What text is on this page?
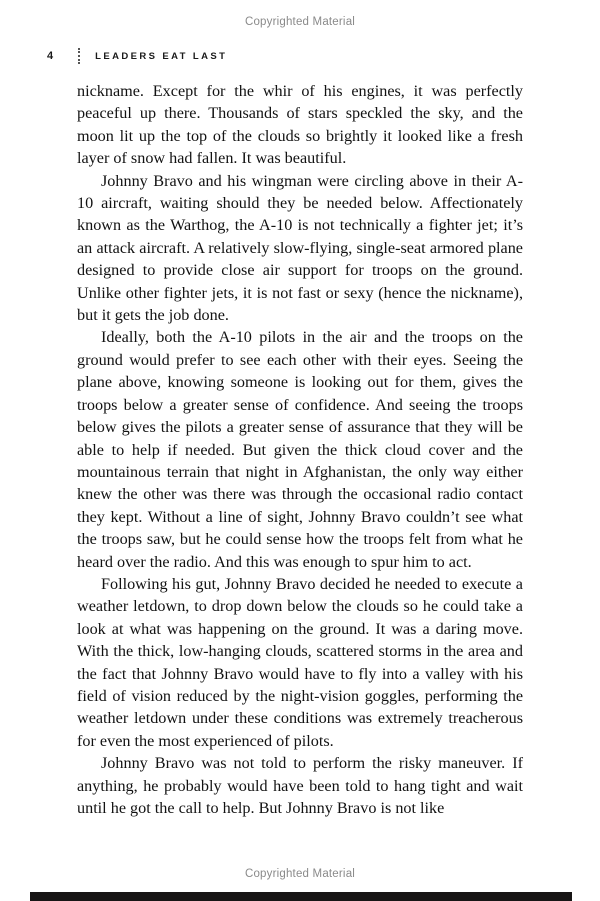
Copyrighted Material
4	LEADERS EAT LAST

nickname. Except for the whir of his engines, it was perfectly peaceful up there. Thousands of stars speckled the sky, and the moon lit up the top of the clouds so brightly it looked like a fresh layer of snow had fallen. It was beautiful.

Johnny Bravo and his wingman were circling above in their A-10 aircraft, waiting should they be needed below. Affectionately known as the Warthog, the A-10 is not technically a fighter jet; it’s an attack aircraft. A relatively slow-flying, single-seat armored plane designed to provide close air support for troops on the ground. Unlike other fighter jets, it is not fast or sexy (hence the nickname), but it gets the job done.

Ideally, both the A-10 pilots in the air and the troops on the ground would prefer to see each other with their eyes. Seeing the plane above, knowing someone is looking out for them, gives the troops below a greater sense of confidence. And seeing the troops below gives the pilots a greater sense of assurance that they will be able to help if needed. But given the thick cloud cover and the mountainous terrain that night in Afghanistan, the only way either knew the other was there was through the occasional radio contact they kept. Without a line of sight, Johnny Bravo couldn’t see what the troops saw, but he could sense how the troops felt from what he heard over the radio. And this was enough to spur him to act.

Following his gut, Johnny Bravo decided he needed to execute a weather letdown, to drop down below the clouds so he could take a look at what was happening on the ground. It was a daring move. With the thick, low-hanging clouds, scattered storms in the area and the fact that Johnny Bravo would have to fly into a valley with his field of vision reduced by the night-vision goggles, performing the weather letdown under these conditions was extremely treacherous for even the most experienced of pilots.

Johnny Bravo was not told to perform the risky maneuver. If anything, he probably would have been told to hang tight and wait until he got the call to help. But Johnny Bravo is not like

Copyrighted Material
